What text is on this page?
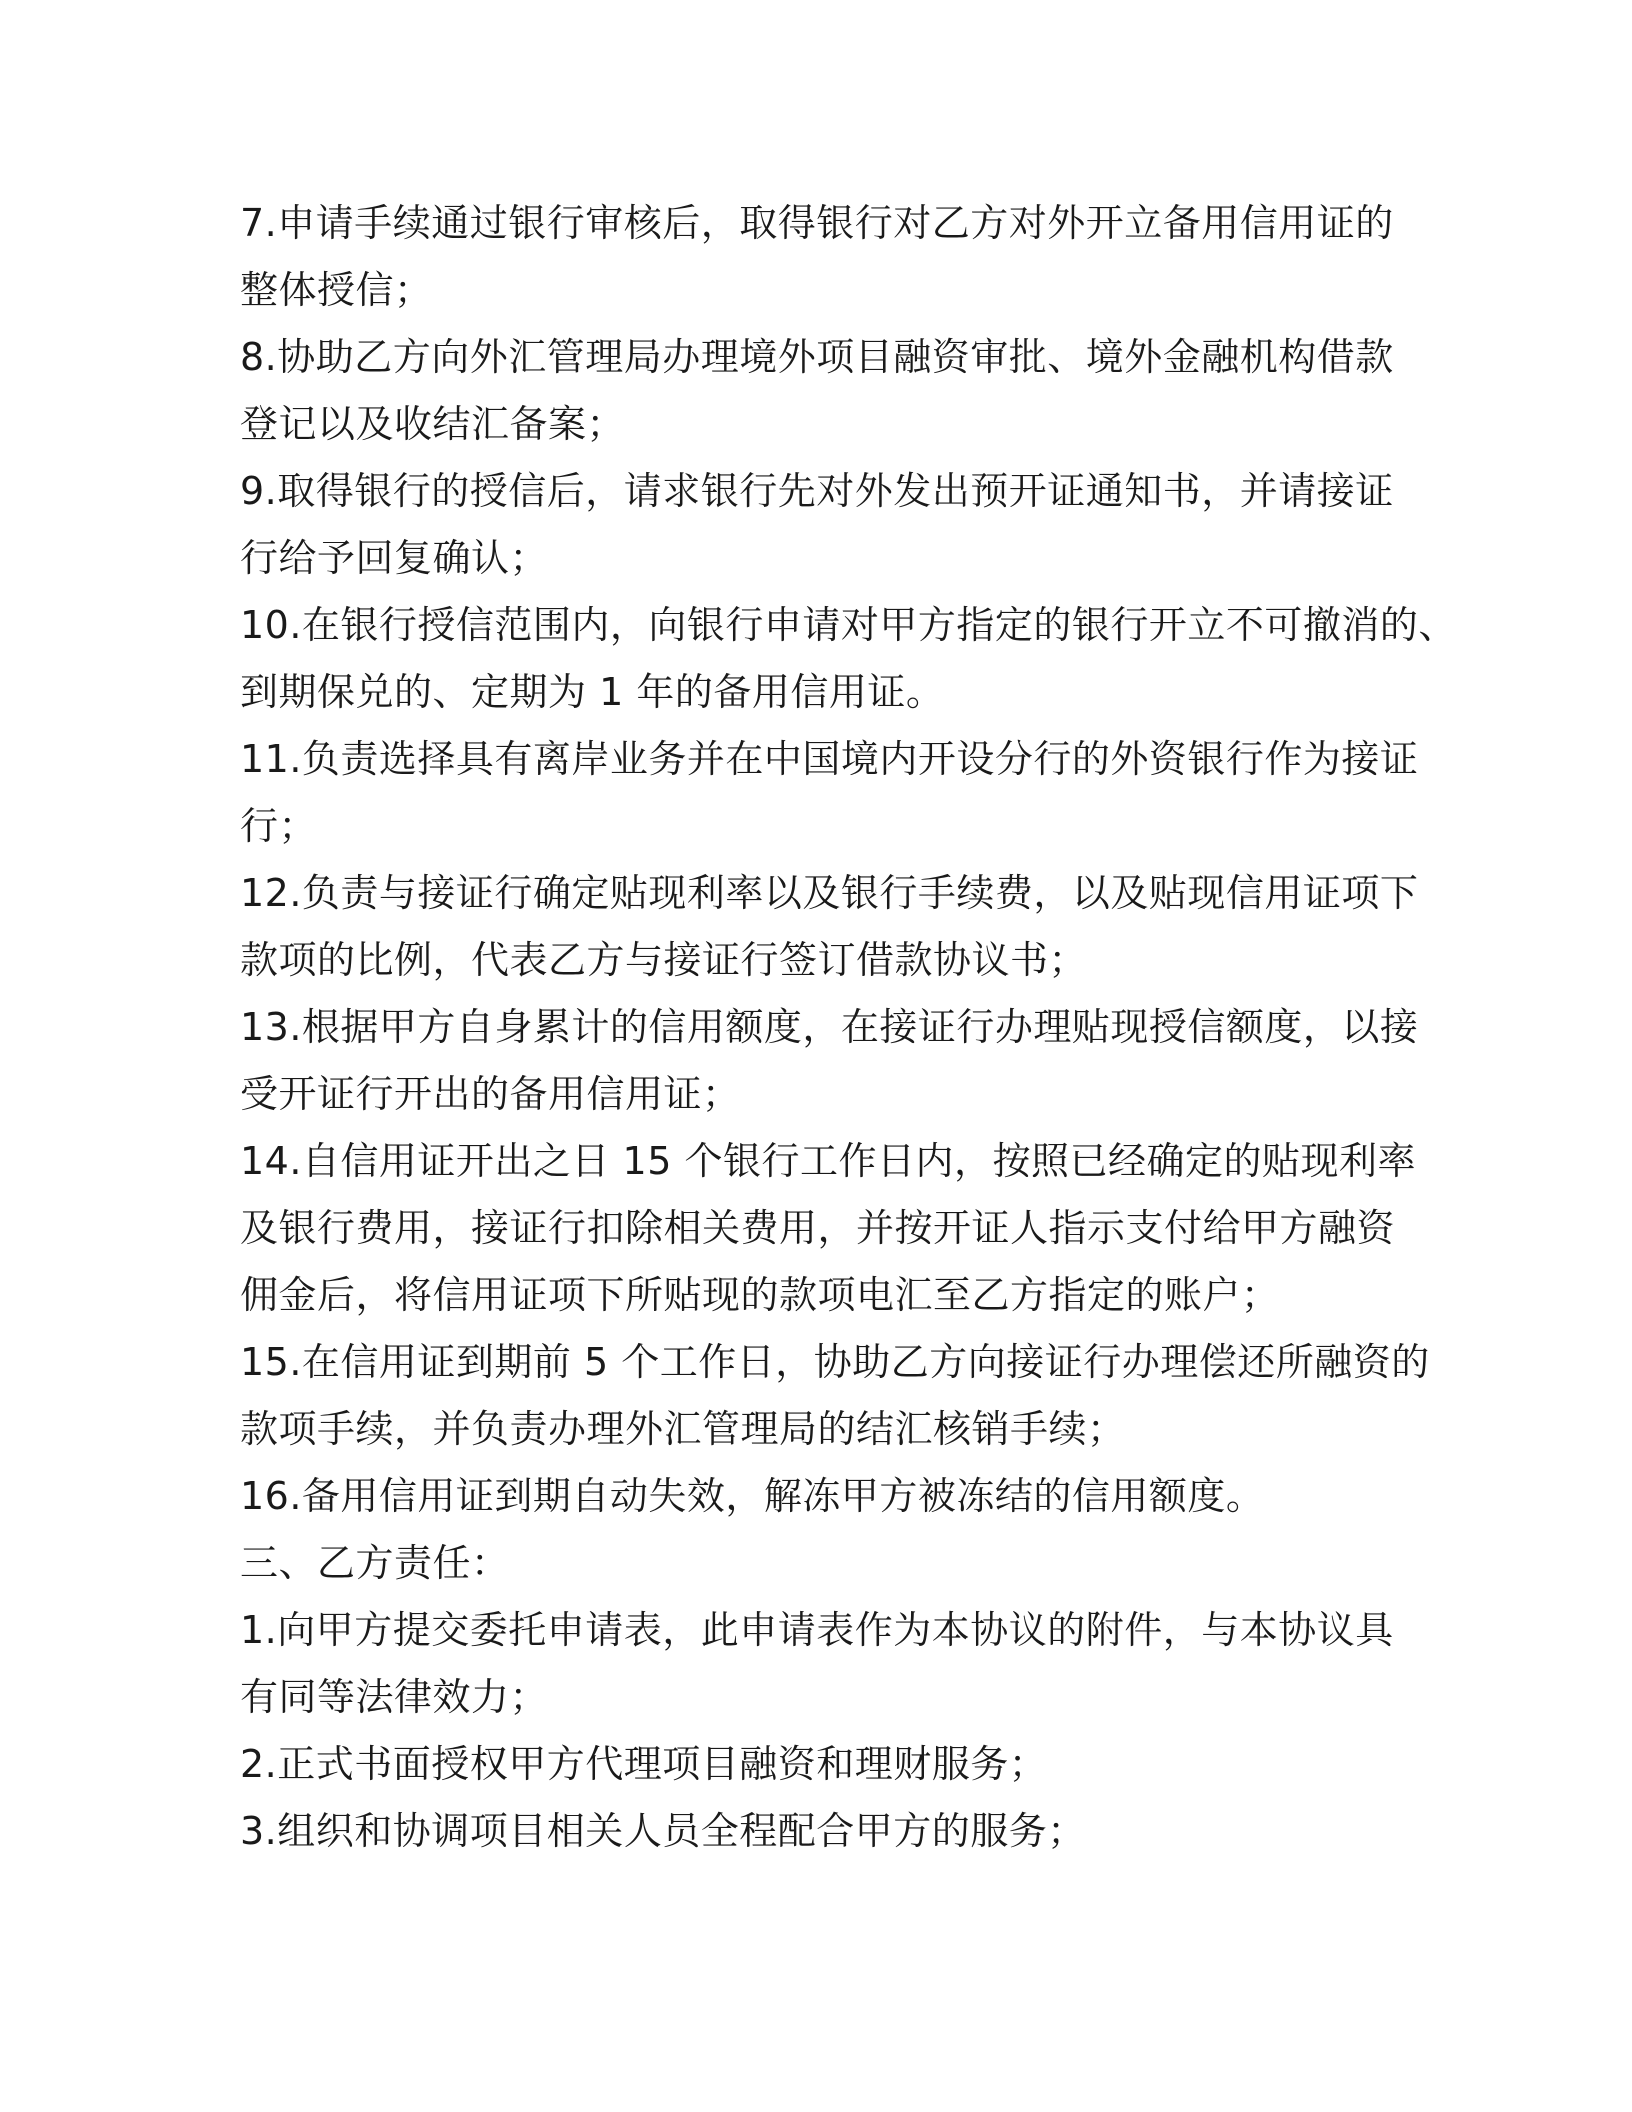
7.申请手续通过银行审核后，取得银行对乙方对外开立备用信用证的
整体授信；
8.协助乙方向外汇管理局办理境外项目融资审批、境外金融机构借款
登记以及收结汇备案；
9.取得银行的授信后，请求银行先对外发出预开证通知书，并请接证
行给予回复确认；
10.在银行授信范围内，向银行申请对甲方指定的银行开立不可撤消的、
到期保兑的、定期为 1 年的备用信用证。
11.负责选择具有离岸业务并在中国境内开设分行的外资银行作为接证
行；
12.负责与接证行确定贴现利率以及银行手续费，以及贴现信用证项下
款项的比例，代表乙方与接证行签订借款协议书；
13.根据甲方自身累计的信用额度，在接证行办理贴现授信额度，以接
受开证行开出的备用信用证；
14.自信用证开出之日 15 个银行工作日内，按照已经确定的贴现利率
及银行费用，接证行扣除相关费用，并按开证人指示支付给甲方融资
佣金后，将信用证项下所贴现的款项电汇至乙方指定的账户；
15.在信用证到期前 5 个工作日，协助乙方向接证行办理偿还所融资的
款项手续，并负责办理外汇管理局的结汇核销手续；
16.备用信用证到期自动失效，解冻甲方被冻结的信用额度。
三、乙方责任：
1.向甲方提交委托申请表，此申请表作为本协议的附件，与本协议具
有同等法律效力；
2.正式书面授权甲方代理项目融资和理财服务；
3.组织和协调项目相关人员全程配合甲方的服务；
